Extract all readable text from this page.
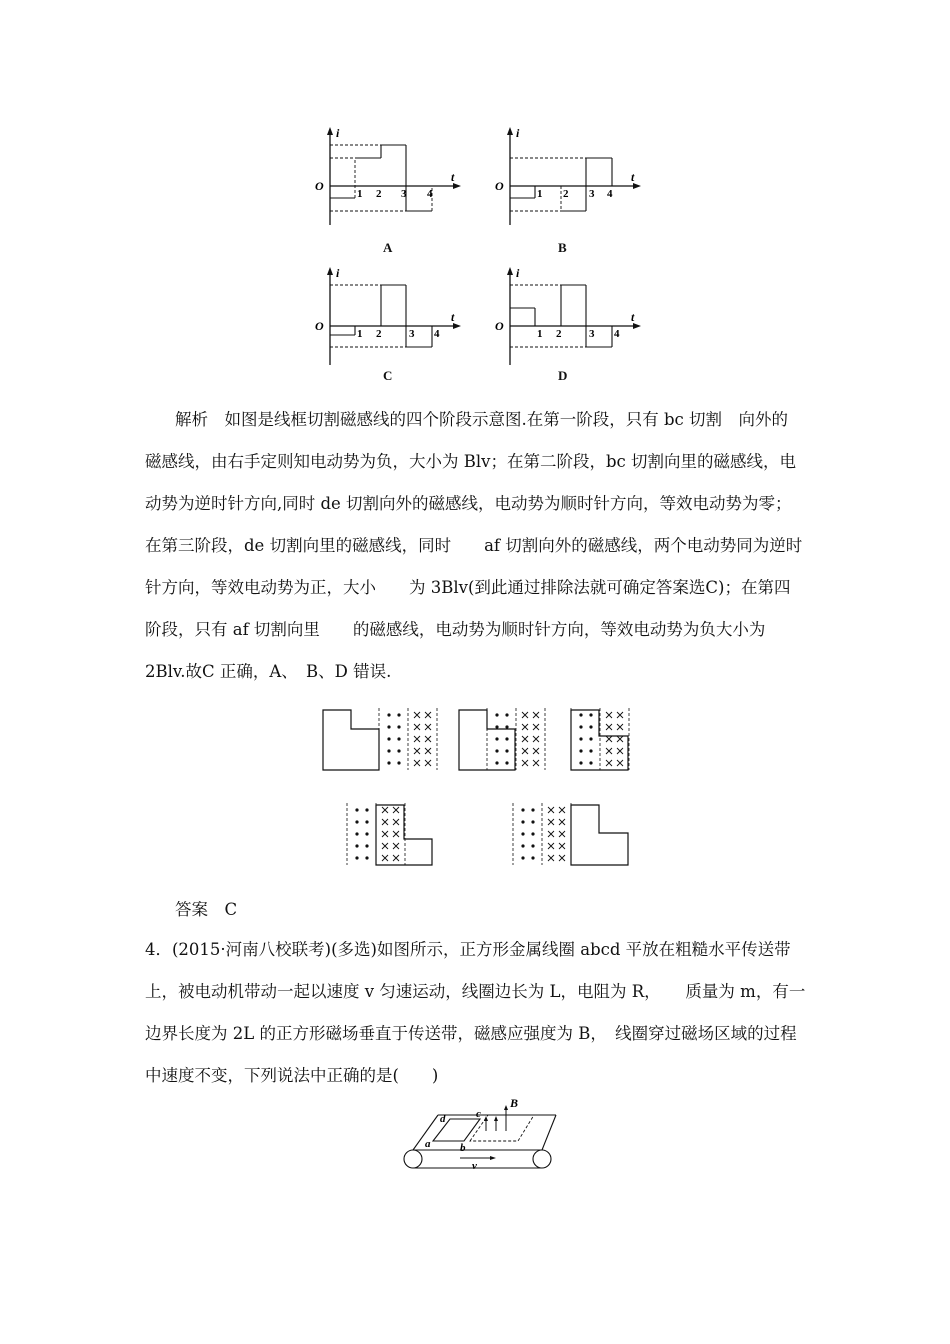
i
t
O
1 2 3 4
A
i
t
O
1 2 3 4
B
i
t
O
1 2	3 4
C
i
t
O
1 2	3 4
D
解析　如图是线框切割磁感线的四个阶段示意图.在第一阶段，只有 bc 切割　向外的
磁感线，由右手定则知电动势为负，大小为 Blv；在第二阶段，bc 切割向里的磁感线，电
动势为逆时针方向,同时 de 切割向外的磁感线，电动势为顺时针方向，等效电动势为零；
在第三阶段，de 切割向里的磁感线，同时　　af 切割向外的磁感线，两个电动势同为逆时
针方向，等效电动势为正，大小　　为 3Blv(到此通过排除法就可确定答案选C)；在第四
阶段，只有 af 切割向里　　的磁感线，电动势为顺时针方向，等效电动势为负大小为
2Blv.故C 正确，A、　B、D 错误.
答案　C
4．(2015·河南八校联考)(多选)如图所示，正方形金属线圈 abcd 平放在粗糙水平传送带
上，被电动机带动一起以速度 v 匀速运动，线圈边长为 L，电阻为 R，　　质量为 m，有一
边界长度为 2L 的正方形磁场垂直于传送带，磁感应强度为 B，　线圈穿过磁场区域的过程
中速度不变，下列说法中正确的是(　　)
a	b
c
d
B
v
